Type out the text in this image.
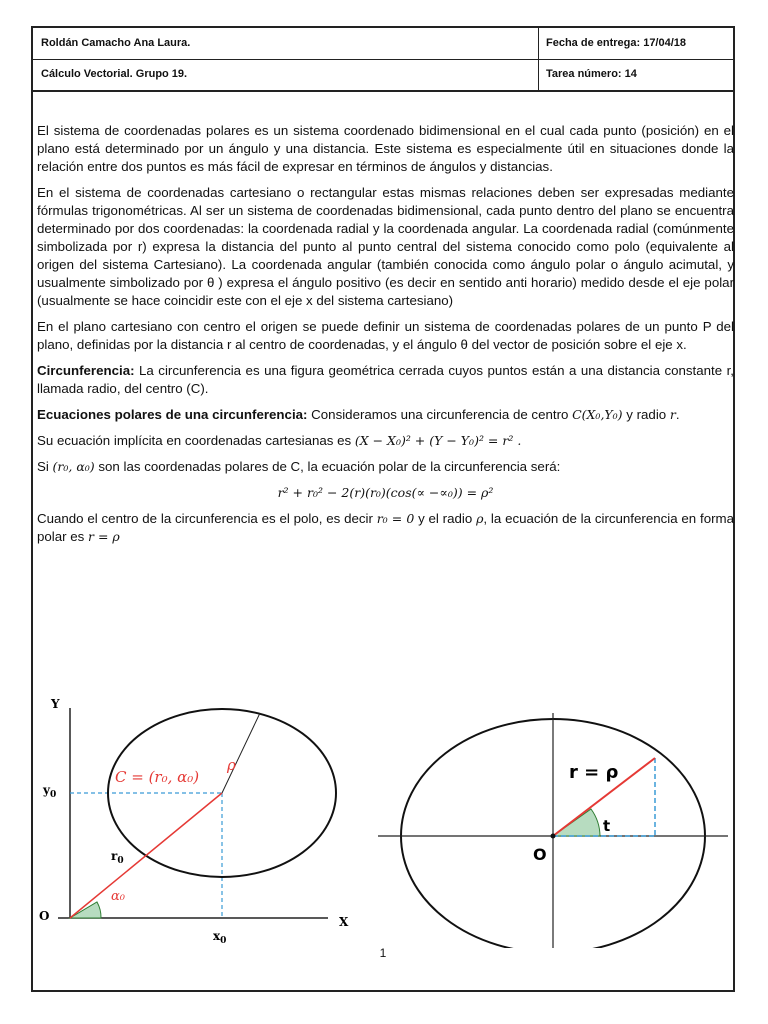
Roldán Camacho Ana Laura.
Cálculo Vectorial. Grupo 19.
Fecha de entrega: 17/04/18
Tarea número: 14

El sistema de coordenadas polares es un sistema coordenado bidimensional en el cual cada punto (posición) en el plano está determinado por un ángulo y una distancia. Este sistema es especialmente útil en situaciones donde la relación entre dos puntos es más fácil de expresar en términos de ángulos y distancias.

En el sistema de coordenadas cartesiano o rectangular estas mismas relaciones deben ser expresadas mediante fórmulas trigonométricas. Al ser un sistema de coordenadas bidimensional, cada punto dentro del plano se encuentra determinado por dos coordenadas: la coordenada radial y la coordenada angular. La coordenada radial (comúnmente simbolizada por r) expresa la distancia del punto al punto central del sistema conocido como polo (equivalente al origen del sistema Cartesiano). La coordenada angular (también conocida como ángulo polar o ángulo acimutal, y usualmente simbolizado por θ ) expresa el ángulo positivo (es decir en sentido anti horario) medido desde el eje polar (usualmente se hace coincidir este con el eje x del sistema cartesiano)

En el plano cartesiano con centro el origen se puede definir un sistema de coordenadas polares de un punto P del plano, definidas por la distancia r al centro de coordenadas, y el ángulo θ del vector de posición sobre el eje x.

Circunferencia: La circunferencia es una figura geométrica cerrada cuyos puntos están a una distancia constante r, llamada radio, del centro (C).

Ecuaciones polares de una circunferencia: Consideramos una circunferencia de centro C(X₀,Y₀) y radio r.

Su ecuación implícita en coordenadas cartesianas es (X − X₀)² + (Y − Y₀)² = r² .

Si (r₀, α₀) son las coordenadas polares de C, la ecuación polar de la circunferencia será:

r² + r₀² − 2(r)(r₀)(cos(∝ −∝₀)) = ρ²

Cuando el centro de la circunferencia es el polo, es decir r₀ = 0 y el radio ρ, la ecuación de la circunferencia en forma polar es r = ρ

Y
X
O
$y_0$
$x_0$
ρ
C = (r₀, α₀)
$r_0$
α₀
r = ρ
O
t
1
